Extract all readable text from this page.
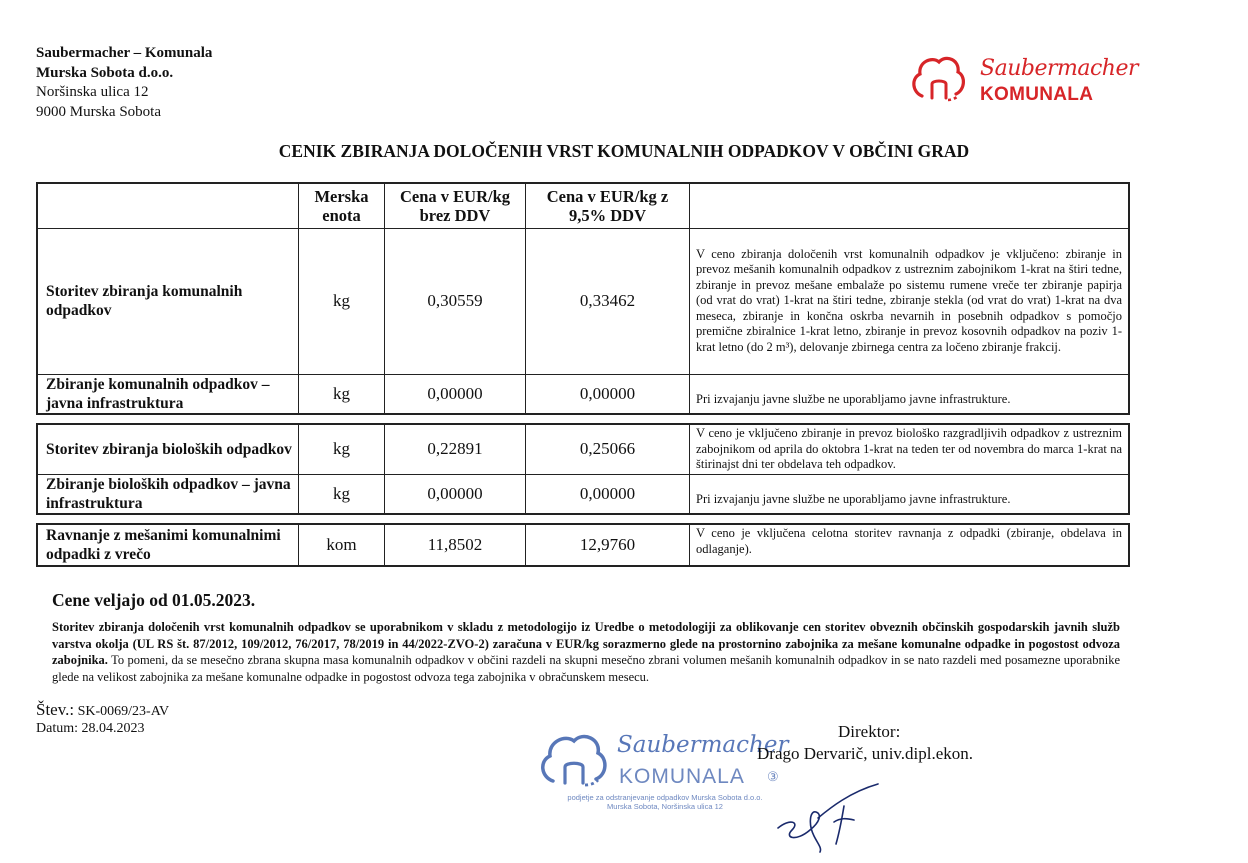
Saubermacher – Komunala
Murska Sobota d.o.o.
Noršinska ulica 12
9000 Murska Sobota
Saubermacher
KOMUNALA
CENIK ZBIRANJA DOLOČENIH VRST KOMUNALNIH ODPADKOV V OBČINI GRAD
	Merska enota	Cena v EUR/kg brez DDV	Cena v EUR/kg z 9,5% DDV	
Storitev zbiranja komunalnih odpadkov	kg	0,30559	0,33462	V ceno zbiranja določenih vrst komunalnih odpadkov je vključeno: zbiranje in prevoz mešanih komunalnih odpadkov z ustreznim zabojnikom 1-krat na štiri tedne, zbiranje in prevoz mešane embalaže po sistemu rumene vreče ter zbiranje papirja (od vrat do vrat) 1-krat na štiri tedne, zbiranje stekla (od vrat do vrat) 1-krat na dva meseca, zbiranje in končna oskrba nevarnih in posebnih odpadkov s pomočjo premične zbiralnice 1-krat letno, zbiranje in prevoz kosovnih odpadkov na poziv 1-krat letno (do 2 m³), delovanje zbirnega centra za ločeno zbiranje frakcij.
Zbiranje komunalnih odpadkov – javna infrastruktura	kg	0,00000	0,00000	Pri izvajanju javne službe ne uporabljamo javne infrastrukture.
Storitev zbiranja bioloških odpadkov	kg	0,22891	0,25066	V ceno je vključeno zbiranje in prevoz biološko razgradljivih odpadkov z ustreznim zabojnikom od aprila do oktobra 1-krat na teden ter od novembra do marca 1-krat na štirinajst dni ter obdelava teh odpadkov.
Zbiranje bioloških odpadkov – javna infrastruktura	kg	0,00000	0,00000	Pri izvajanju javne službe ne uporabljamo javne infrastrukture.
Ravnanje z mešanimi komunalnimi odpadki z vrečo	kom	11,8502	12,9760	V ceno je vključena celotna storitev ravnanja z odpadki (zbiranje, obdelava in odlaganje).
Cene veljajo od 01.05.2023.
Storitev zbiranja določenih vrst komunalnih odpadkov se uporabnikom v skladu z metodologijo iz Uredbe o metodologiji za oblikovanje cen storitev obveznih občinskih gospodarskih javnih služb varstva okolja (UL RS št. 87/2012, 109/2012, 76/2017, 78/2019 in 44/2022-ZVO-2) zaračuna v EUR/kg sorazmerno glede na prostornino zabojnika za mešane komunalne odpadke in pogostost odvoza zabojnika. To pomeni, da se mesečno zbrana skupna masa komunalnih odpadkov v občini razdeli na skupni mesečno zbrani volumen mešanih komunalnih odpadkov in se nato razdeli med posamezne uporabnike glede na velikost zabojnika za mešane komunalne odpadke in pogostost odvoza tega zabojnika v obračunskem mesecu.
Štev.: SK-0069/23-AV
Datum: 28.04.2023
Saubermacher
KOMUNALA ③
podjetje za odstranjevanje odpadkov Murska Sobota d.o.o.
Murska Sobota, Noršinska ulica 12
Direktor:
Drago Dervarič, univ.dipl.ekon.
